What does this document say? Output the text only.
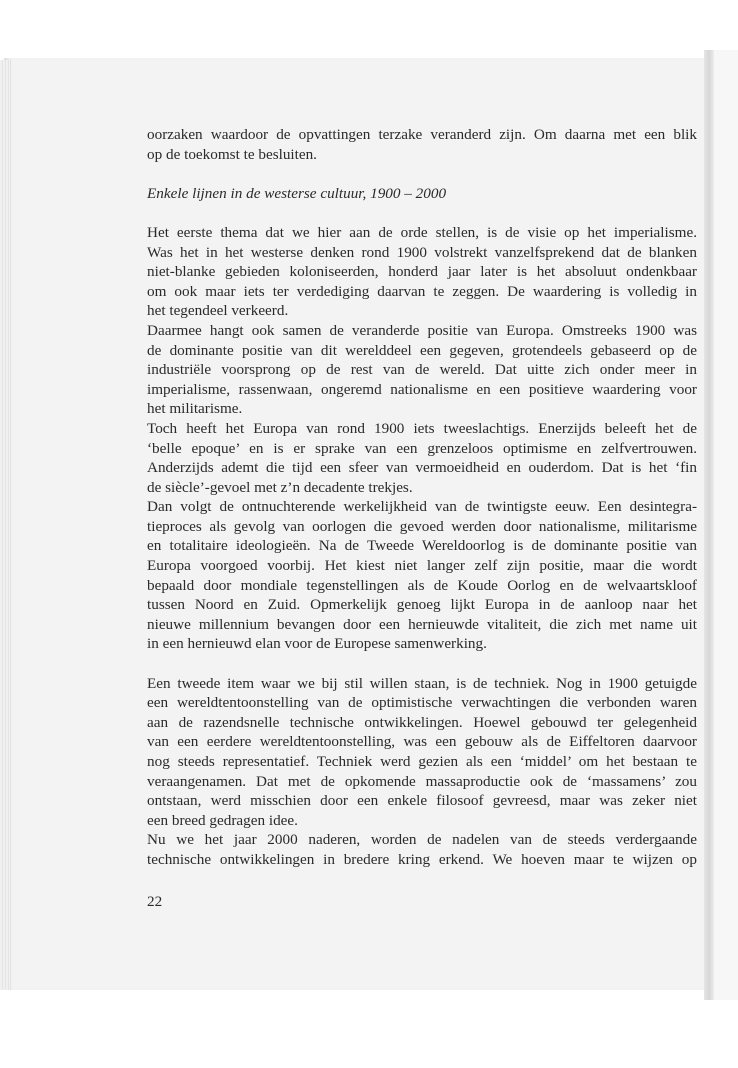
oorzaken waardoor de opvattingen terzake veranderd zijn. Om daarna met een blik
op de toekomst te besluiten.
Enkele lijnen in de westerse cultuur, 1900 – 2000
Het eerste thema dat we hier aan de orde stellen, is de visie op het imperialisme.
Was het in het westerse denken rond 1900 volstrekt vanzelfsprekend dat de blanken
niet-blanke gebieden koloniseerden, honderd jaar later is het absoluut ondenkbaar
om ook maar iets ter verdediging daarvan te zeggen. De waardering is volledig in
het tegendeel verkeerd.
Daarmee hangt ook samen de veranderde positie van Europa. Omstreeks 1900 was
de dominante positie van dit werelddeel een gegeven, grotendeels gebaseerd op de
industriële voorsprong op de rest van de wereld. Dat uitte zich onder meer in
imperialisme, rassenwaan, ongeremd nationalisme en een positieve waardering voor
het militarisme.
Toch heeft het Europa van rond 1900 iets tweeslachtigs. Enerzijds beleeft het de
‘belle epoque’ en is er sprake van een grenzeloos optimisme en zelfvertrouwen.
Anderzijds ademt die tijd een sfeer van vermoeidheid en ouderdom. Dat is het ‘fin
de siècle’-gevoel met z’n decadente trekjes.
Dan volgt de ontnuchterende werkelijkheid van de twintigste eeuw. Een desintegra-
tieproces als gevolg van oorlogen die gevoed werden door nationalisme, militarisme
en totalitaire ideologieën. Na de Tweede Wereldoorlog is de dominante positie van
Europa voorgoed voorbij. Het kiest niet langer zelf zijn positie, maar die wordt
bepaald door mondiale tegenstellingen als de Koude Oorlog en de welvaartskloof
tussen Noord en Zuid. Opmerkelijk genoeg lijkt Europa in de aanloop naar het
nieuwe millennium bevangen door een hernieuwde vitaliteit, die zich met name uit
in een hernieuwd elan voor de Europese samenwerking.
Een tweede item waar we bij stil willen staan, is de techniek. Nog in 1900 getuigde
een wereldtentoonstelling van de optimistische verwachtingen die verbonden waren
aan de razendsnelle technische ontwikkelingen. Hoewel gebouwd ter gelegenheid
van een eerdere wereldtentoonstelling, was een gebouw als de Eiffeltoren daarvoor
nog steeds representatief. Techniek werd gezien als een ‘middel’ om het bestaan te
veraangenamen. Dat met de opkomende massaproductie ook de ‘massamens’ zou
ontstaan, werd misschien door een enkele filosoof gevreesd, maar was zeker niet
een breed gedragen idee.
Nu we het jaar 2000 naderen, worden de nadelen van de steeds verdergaande
technische ontwikkelingen in bredere kring erkend. We hoeven maar te wijzen op
22
